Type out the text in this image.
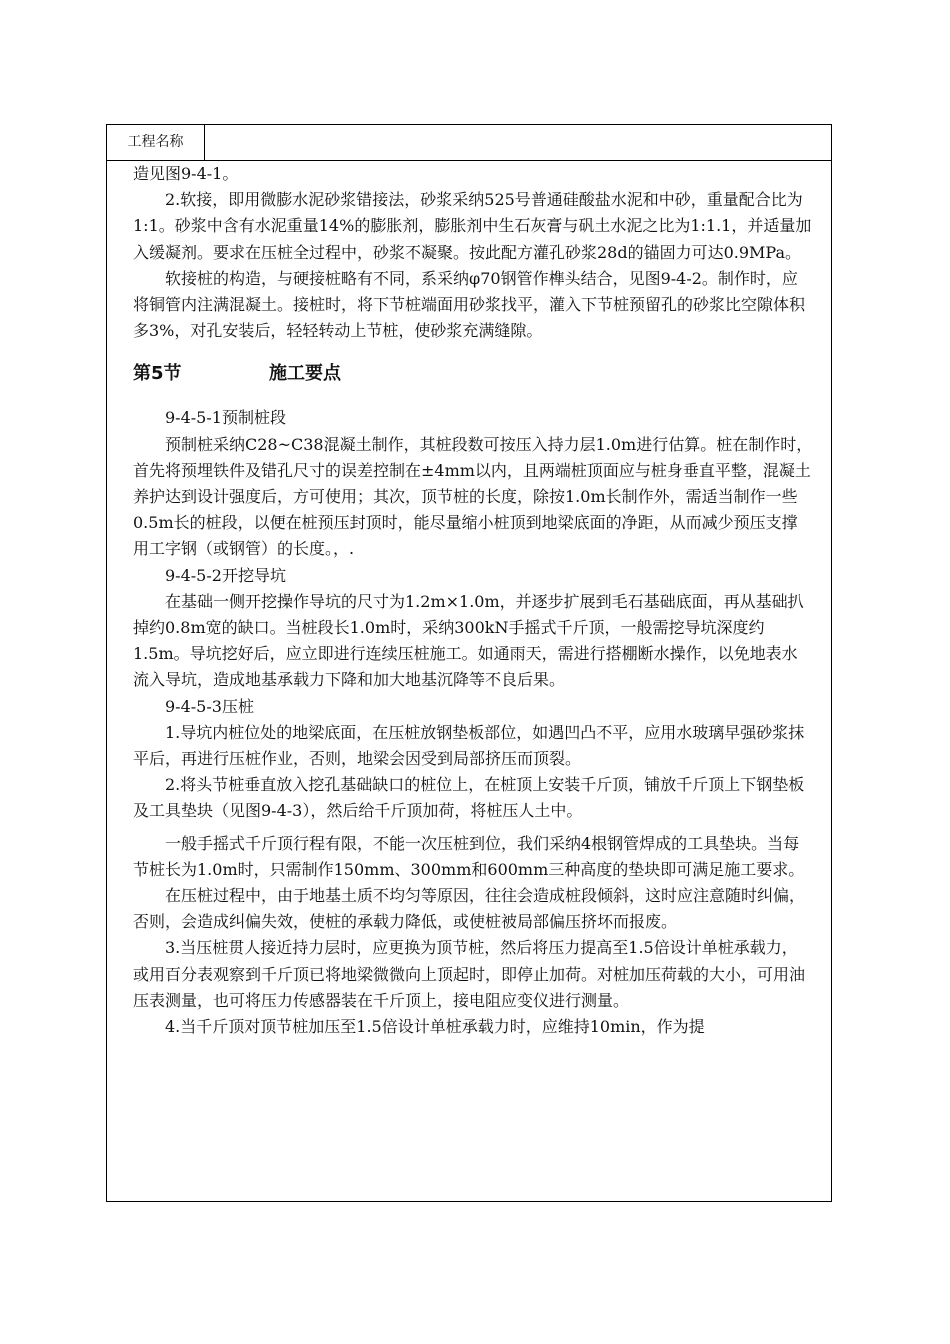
工程名称

造见图9-4-1。

2.软接，即用微膨水泥砂浆错接法，砂浆采纳525号普通硅酸盐水泥和中砂，重量配合比为1:1。砂浆中含有水泥重量14%的膨胀剂，膨胀剂中生石灰膏与矾土水泥之比为1:1.1，并适量加入缓凝剂。要求在压桩全过程中，砂浆不凝聚。按此配方灌孔砂浆28d的锚固力可达0.9MPa。

软接桩的构造，与硬接桩略有不同，系采纳φ70钢管作榫头结合，见图9-4-2。制作时，应将铜管内注满混凝土。接桩时，将下节桩端面用砂浆找平，灌入下节桩预留孔的砂浆比空隙体积多3%，对孔安装后，轻轻转动上节桩，使砂浆充满缝隙。

第5节	施工要点

9-4-5-1预制桩段

预制桩采纳C28~C38混凝土制作，其桩段数可按压入持力层1.0m进行估算。桩在制作时，首先将预埋铁件及错孔尺寸的误差控制在±4mm以内，且两端桩顶面应与桩身垂直平整，混凝土养护达到设计强度后，方可使用；其次，顶节桩的长度，除按1.0m长制作外，需适当制作一些0.5m长的桩段，以便在桩预压封顶时，能尽量缩小桩顶到地梁底面的净距，从而减少预压支撑用工字钢（或钢管）的长度。，.

9-4-5-2开挖导坑

在基础一侧开挖操作导坑的尺寸为1.2m×1.0m，并逐步扩展到毛石基础底面，再从基础扒掉约0.8m宽的缺口。当桩段长1.0m时，采纳300kN手摇式千斤顶，一般需挖导坑深度约1.5m。导坑挖好后，应立即进行连续压桩施工。如通雨天，需进行搭棚断水操作，以免地表水流入导坑，造成地基承载力下降和加大地基沉降等不良后果。

9-4-5-3压桩

1.导坑内桩位处的地梁底面，在压桩放钢垫板部位，如遇凹凸不平，应用水玻璃早强砂浆抹平后，再进行压桩作业，否则，地梁会因受到局部挤压而顶裂。

2.将头节桩垂直放入挖孔基础缺口的桩位上，在桩顶上安装千斤顶，铺放千斤顶上下钢垫板及工具垫块（见图9-4-3），然后给千斤顶加荷，将桩压人土中。

一般手摇式千斤顶行程有限，不能一次压桩到位，我们采纳4根钢管焊成的工具垫块。当每节桩长为1.0m时，只需制作150mm、300mm和600mm三种高度的垫块即可满足施工要求。

在压桩过程中，由于地基土质不均匀等原因，往往会造成桩段倾斜，这时应注意随时纠偏，否则，会造成纠偏失效，使桩的承载力降低，或使桩被局部偏压挤坏而报废。

3.当压桩贯人接近持力层时，应更换为顶节桩，然后将压力提高至1.5倍设计单桩承载力，或用百分表观察到千斤顶已将地梁微微向上顶起时，即停止加荷。对桩加压荷载的大小，可用油压表测量，也可将压力传感器装在千斤顶上，接电阻应变仪进行测量。

4.当千斤顶对顶节桩加压至1.5倍设计单桩承载力时，应维持10min，作为提
